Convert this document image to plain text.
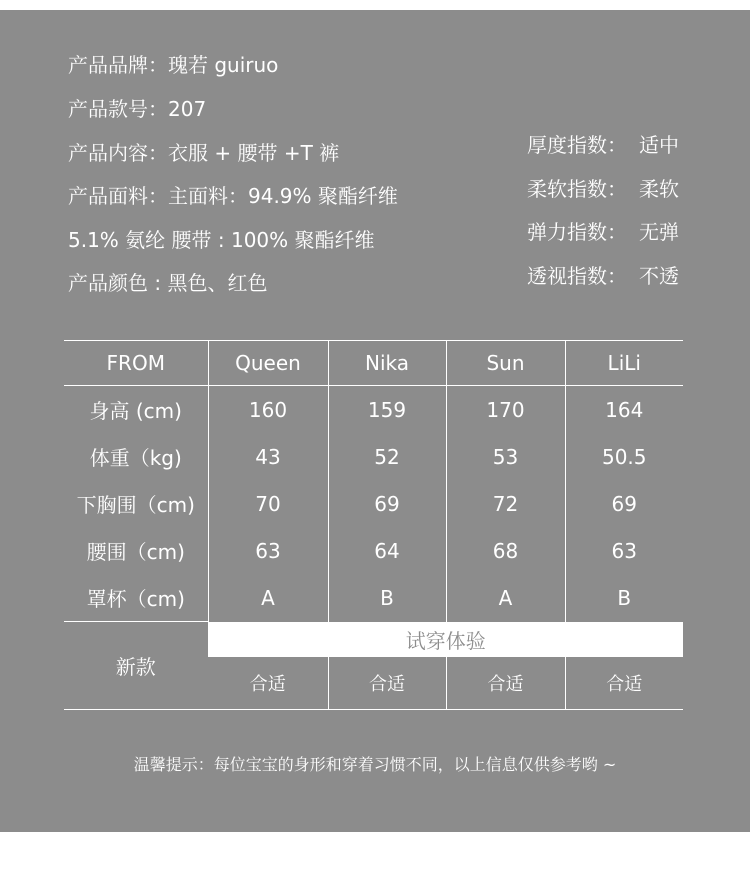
产品品牌：瑰若 guiruo
产品款号：207
产品内容：衣服 + 腰带 +T 裤
产品面料：主面料：94.9% 聚酯纤维
5.1% 氨纶 腰带 : 100% 聚酯纤维
产品颜色 : 黑色、红色
厚度指数： 适中
柔软指数： 柔软
弹力指数： 无弹
透视指数： 不透
FROM	Queen	Nika	Sun	LiLi
身高 (cm)	160	159	170	164
体重（kg)	43	52	53	50.5
下胸围（cm)	70	69	72	69
腰围（cm)	63	64	68	63
罩杯（cm)	A	B	A	B
新款	试穿体验			
	合适	合适	合适	合适
温馨提示：每位宝宝的身形和穿着习惯不同，以上信息仅供参考哟 ~
